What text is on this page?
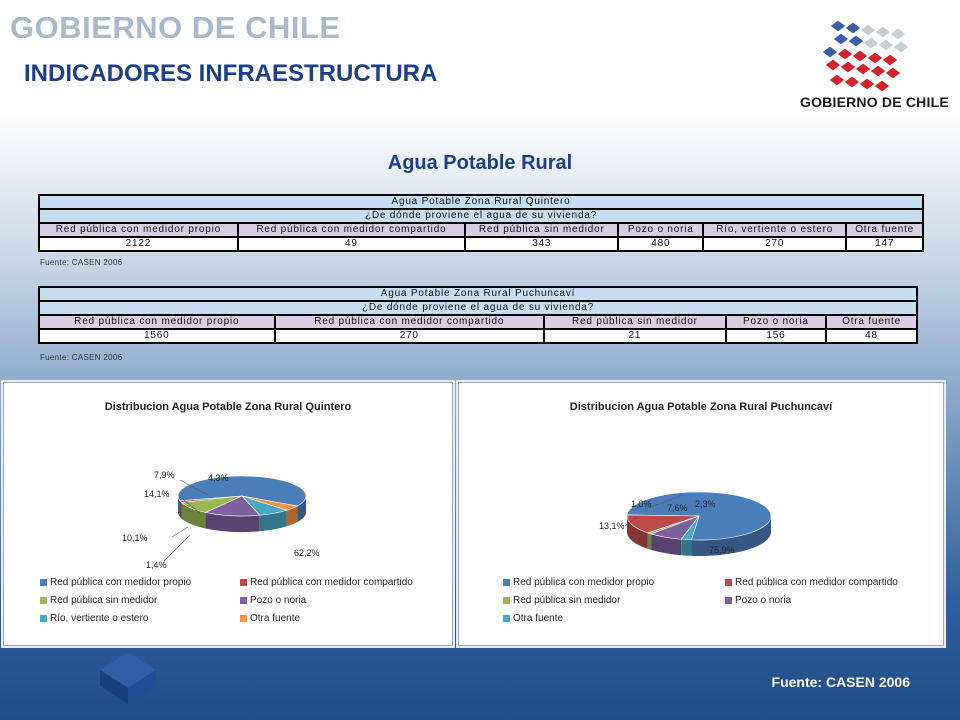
GOBIERNO DE CHILE
INDICADORES INFRAESTRUCTURA
GOBIERNO DE CHILE
Agua Potable Rural
Agua Potable Zona Rural Quintero					
¿De dónde proviene el agua de su vivienda?					
Red pública con medidor propio	Red pública con medidor compartido	Red pública sin medidor	Pozo o noria	Río, vertiente o estero	Otra fuente
2122	49	343	480	270	147
Fuente: CASEN 2006
Agua Potable Zona Rural Puchuncaví				
¿De dónde proviene el agua de su vivienda?				
Red pública con medidor propio	Red pública con medidor compartido	Red pública sin medidor	Pozo o noria	Otra fuente
1560	270	21	156	48
Fuente: CASEN 2006
Distribucion Agua Potable Zona Rural Quintero
62,2%
1,4%
10,1%
14,1%
7,9%	4,3%
Red pública con medidor propio	Red pública con medidor compartido
Red pública sin medidor	Pozo o noria
Río, vertiente o estero	Otra fuente
Distribucion Agua Potable Zona Rural Puchuncaví
75,9%
13,1%
1,0% 7,6% 2,3%
Red pública con medidor propio	Red pública con medidor compartido
Red pública sin medidor	Pozo o noria
Otra fuente
Fuente: CASEN 2006
